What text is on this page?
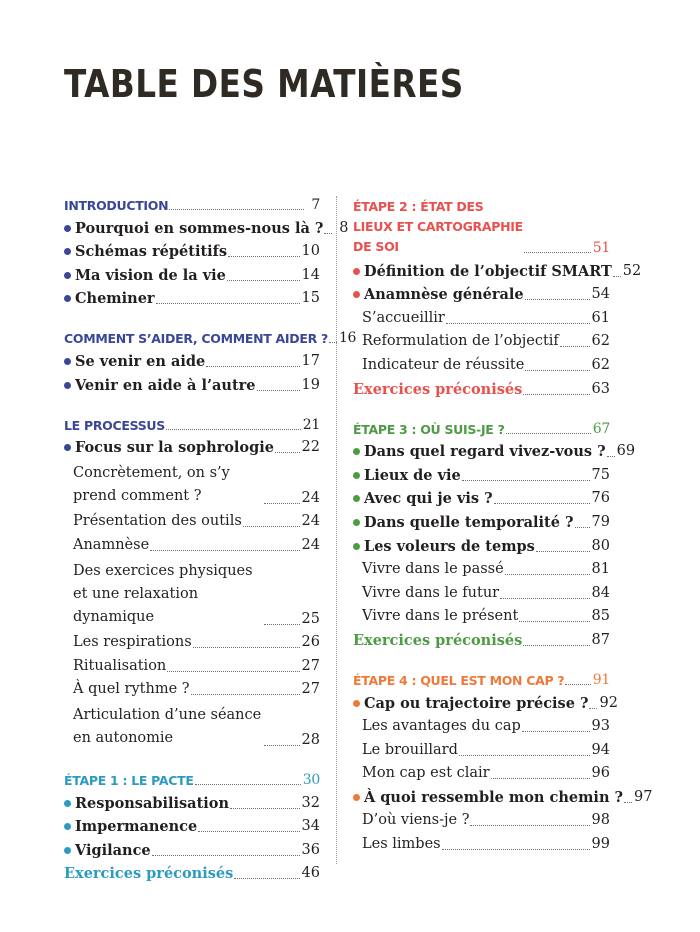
TABLE DES MATIÈRES
INTRODUCTION	7
Pourquoi en sommes-nous là ?	8
Schémas répétitifs	10
Ma vision de la vie	14
Cheminer	15
COMMENT S’AIDER, COMMENT AIDER ? 16
Se venir en aide	17
Venir en aide à l’autre	19
LE PROCESSUS	21
Focus sur la sophrologie 22
Concrètement, on s’y prend comment ?	24
Présentation des outils	24
Anamnèse	24
Des exercices physiques et une relaxation dynamique	25
Les respirations	26
Ritualisation	27
À quel rythme ?	27
Articulation d’une séance en autonomie	28
ÉTAPE 1 : LE PACTE	30
Responsabilisation	32
Impermanence	34
Vigilance	36
Exercices préconisés	46
ÉTAPE 2 : ÉTAT DES LIEUX ET CARTOGRAPHIE DE SOI	51
Définition de l’objectif SMART 52
Anamnèse générale	54
S’accueillir	61
Reformulation de l’objectif 62
Indicateur de réussite	62
Exercices préconisés	63
ÉTAPE 3 : OÙ SUIS-JE ?	67
Dans quel regard vivez-vous ? 69
Lieux de vie	75
Avec qui je vis ?	76
Dans quelle temporalité ? 79
Les voleurs de temps	80
Vivre dans le passé	81
Vivre dans le futur	84
Vivre dans le présent	85
Exercices préconisés	87
ÉTAPE 4 : QUEL EST MON CAP ? 91
Cap ou trajectoire précise ? 92
Les avantages du cap	93
Le brouillard	94
Mon cap est clair	96
À quoi ressemble mon chemin ? 97
D’où viens-je ?	98
Les limbes	99
